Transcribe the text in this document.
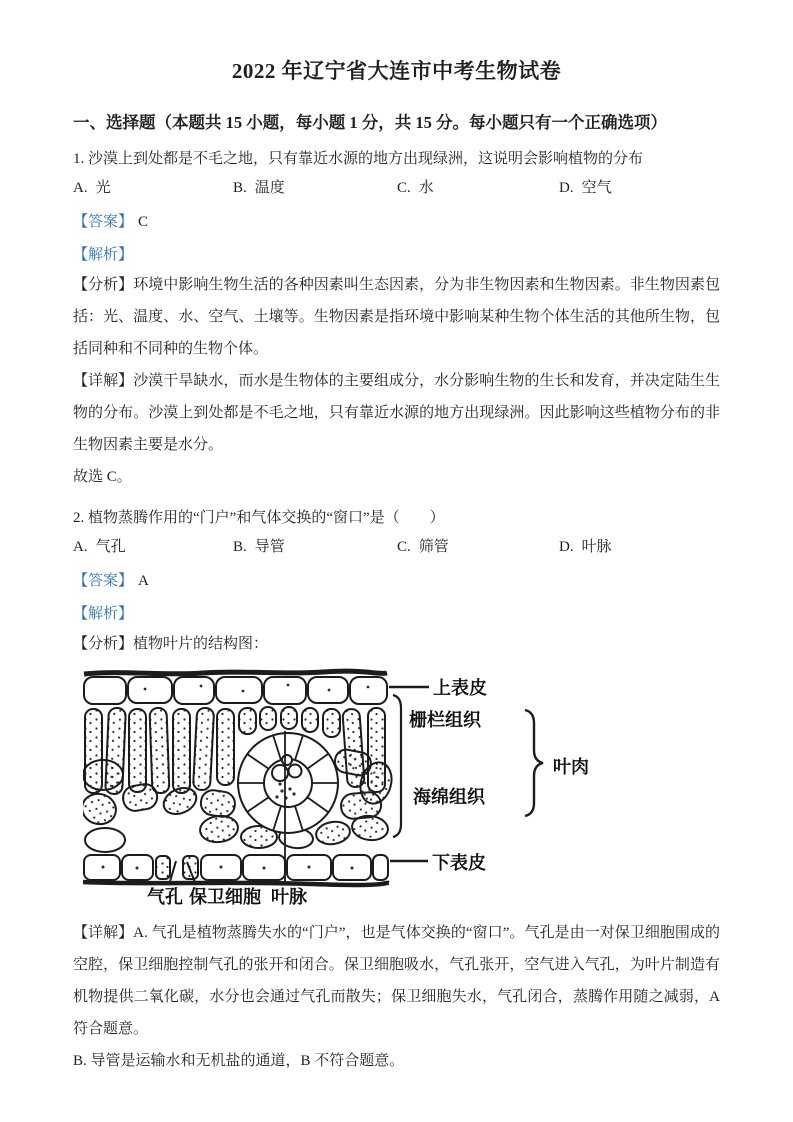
2022 年辽宁省大连市中考生物试卷
一、选择题（本题共 15 小题，每小题 1 分，共 15 分。每小题只有一个正确选项）

1. 沙漠上到处都是不毛之地，只有靠近水源的地方出现绿洲，这说明会影响植物的分布

A. 光	B. 温度	C. 水	D. 空气

【答案】 C

【解析】

【分析】环境中影响生物生活的各种因素叫生态因素，分为非生物因素和生物因素。非生物因素包括：光、温度、水、空气、土壤等。生物因素是指环境中影响某种生物个体生活的其他所生物，包括同种和不同种的生物个体。

【详解】沙漠干旱缺水，而水是生物体的主要组成分，水分影响生物的生长和发育，并决定陆生生物的分布。沙漠上到处都是不毛之地，只有靠近水源的地方出现绿洲。因此影响这些植物分布的非生物因素主要是水分。

故选 C。

2. 植物蒸腾作用的“门户”和气体交换的“窗口”是（　　）

A. 气孔	B. 导管	C. 筛管	D. 叶脉

【答案】 A

【解析】

【分析】植物叶片的结构图：

上表皮
栅栏组织
叶肉
海绵组织
下表皮
气孔 保卫细胞 叶脉

【详解】A. 气孔是植物蒸腾失水的“门户”，也是气体交换的“窗口”。气孔是由一对保卫细胞围成的空腔，保卫细胞控制气孔的张开和闭合。保卫细胞吸水，气孔张开，空气进入气孔，为叶片制造有机物提供二氧化碳，水分也会通过气孔而散失；保卫细胞失水，气孔闭合，蒸腾作用随之减弱，A 符合题意。

B. 导管是运输水和无机盐的通道，B 不符合题意。
